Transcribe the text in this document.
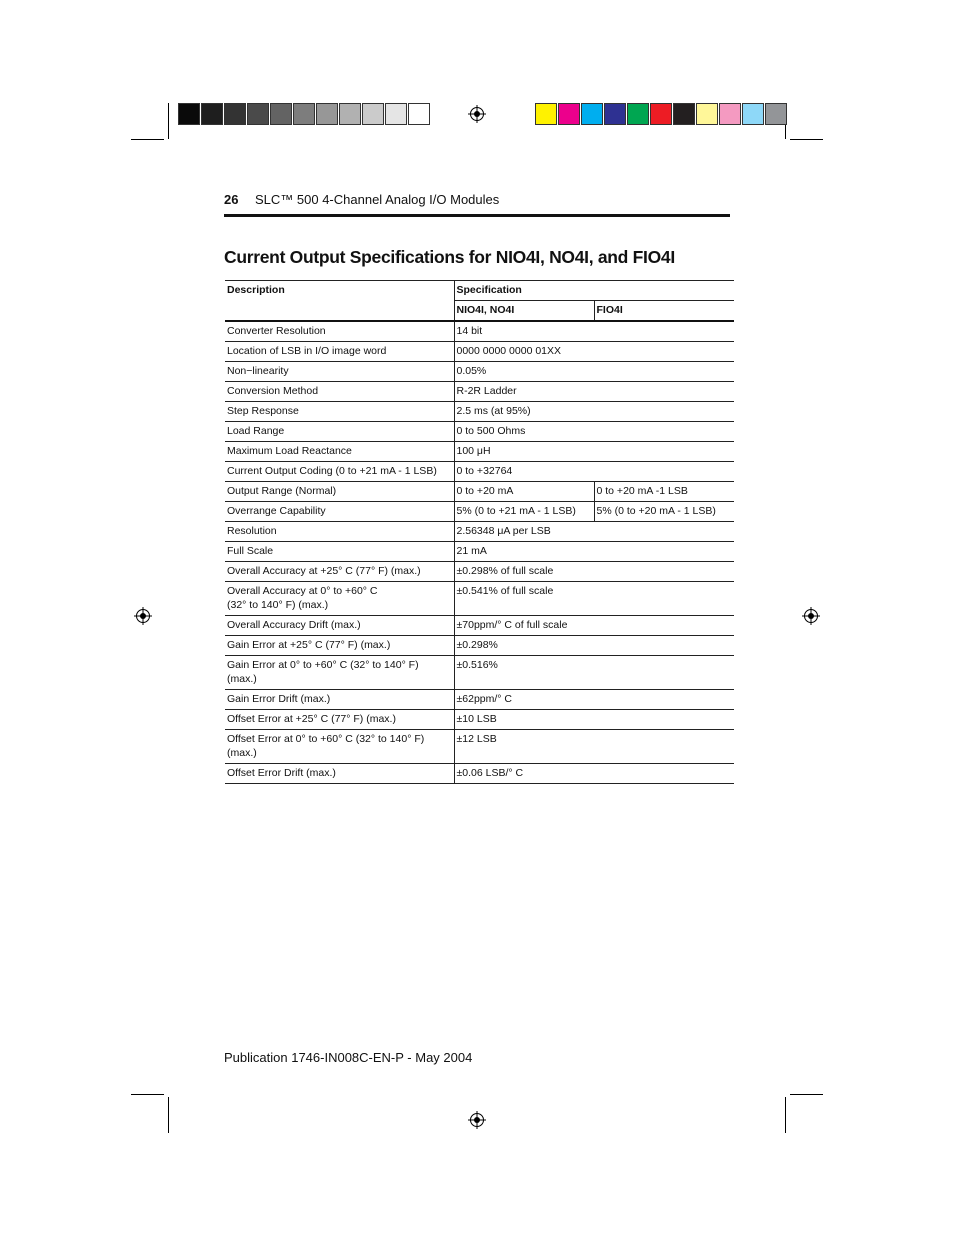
26 SLC™ 500 4-Channel Analog I/O Modules
Current Output Specifications for NIO4I, NO4I, and FIO4I
Description	Specification	
	NIO4I, NO4I	FIO4I
Converter Resolution	14 bit	
Location of LSB in I/O image word	0000 0000 0000 01XX	
Non−linearity	0.05%	
Conversion Method	R-2R Ladder	
Step Response	2.5 ms (at 95%)	
Load Range	0 to 500 Ohms	
Maximum Load Reactance	100 μH	
Current Output Coding (0 to +21 mA - 1 LSB)	0 to +32764	
Output Range (Normal)	0 to +20 mA	0 to +20 mA -1 LSB
Overrange Capability	5% (0 to +21 mA - 1 LSB)	5% (0 to +20 mA - 1 LSB)
Resolution	2.56348 μA per LSB	
Full Scale	21 mA	
Overall Accuracy at +25° C (77° F) (max.)	±0.298% of full scale	
Overall Accuracy at 0° to +60° C
(32° to 140° F) (max.)	±0.541% of full scale	
Overall Accuracy Drift (max.)	±70ppm/° C of full scale	
Gain Error at +25° C (77° F) (max.)	±0.298%	
Gain Error at 0° to +60° C (32° to 140° F) (max.)	±0.516%	
Gain Error Drift (max.)	±62ppm/° C	
Offset Error at +25° C (77° F) (max.)	±10 LSB	
Offset Error at 0° to +60° C (32° to 140° F) (max.)	±12 LSB	
Offset Error Drift (max.)	±0.06 LSB/° C	
Publication 1746-IN008C-EN-P - May 2004
